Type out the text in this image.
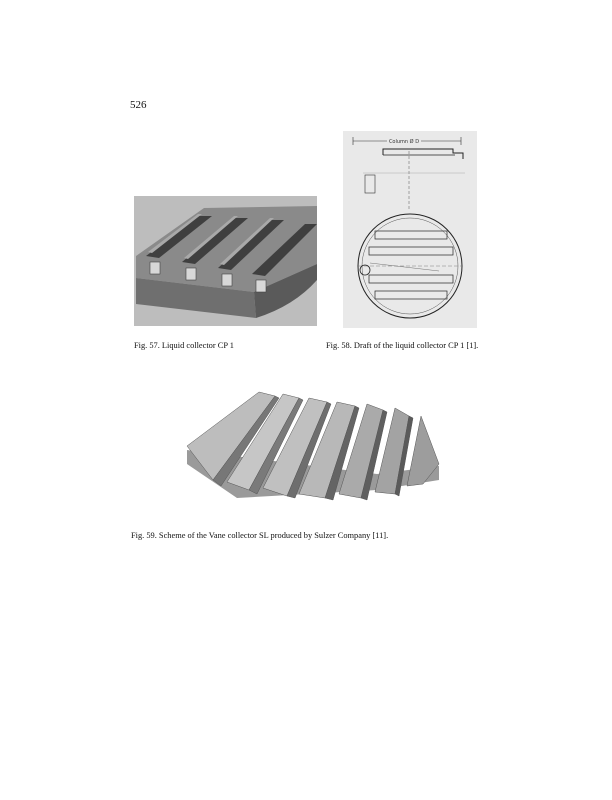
526
Column Ø D
Fig. 57. Liquid collector CP 1	Fig. 58. Draft of the liquid collector CP 1 [1].
Fig. 59. Scheme of the Vane collector SL produced by Sulzer Company [11].
